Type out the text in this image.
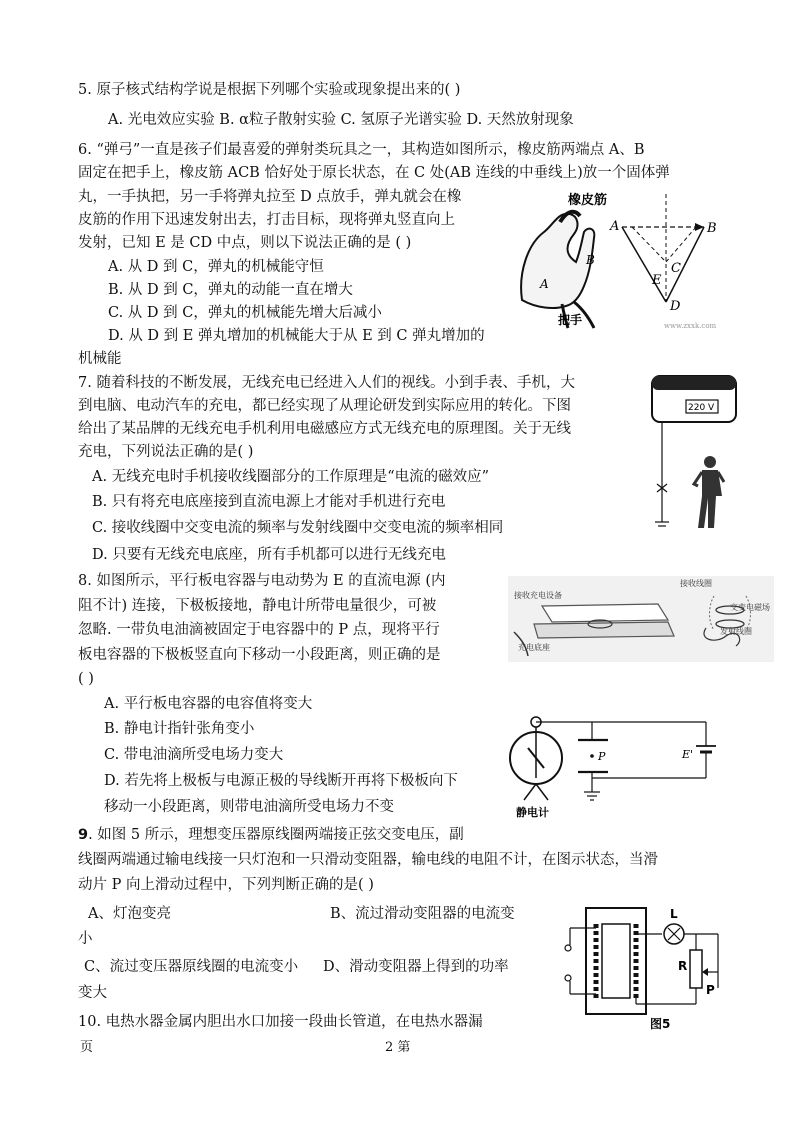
5. 原子核式结构学说是根据下列哪个实验或现象提出来的( )
A. 光电效应实验 B. α粒子散射实验 C. 氢原子光谱实验 D. 天然放射现象
6. “弹弓”一直是孩子们最喜爱的弹射类玩具之一，其构造如图所示，橡皮筋两端点 A、B
固定在把手上，橡皮筋 ACB 恰好处于原长状态，在 C 处(AB 连线的中垂线上)放一个固体弹
丸，一手执把，另一手将弹丸拉至 D 点放手，弹丸就会在橡
皮筋的作用下迅速发射出去，打击目标，现将弹丸竖直向上
发射，已知 E 是 CD 中点，则以下说法正确的是 ( )
A. 从 D 到 C，弹丸的机械能守恒
B. 从 D 到 C，弹丸的动能一直在增大
C. 从 D 到 C，弹丸的机械能先增大后减小
D. 从 D 到 E 弹丸增加的机械能大于从 E 到 C 弹丸增加的
机械能
橡皮筋
A
B
把手
A	B
C
E
D
www.zxxk.com
7. 随着科技的不断发展，无线充电已经进入人们的视线。小到手表、手机，大
到电脑、电动汽车的充电，都已经实现了从理论研发到实际应用的转化。下图
给出了某品牌的无线充电手机利用电磁感应方式无线充电的原理图。关于无线
充电，下列说法正确的是( )
A. 无线充电时手机接收线圈部分的工作原理是“电流的磁效应”
B. 只有将充电底座接到直流电源上才能对手机进行充电
C. 接收线圈中交变电流的频率与发射线圈中交变电流的频率相同
D. 只要有无线充电底座，所有手机都可以进行无线充电
220 V
8. 如图所示，平行板电容器与电动势为 E 的直流电源 (内
阻不计) 连接，下极板接地，静电计所带电量很少，可被
忽略. 一带负电油滴被固定于电容器中的 P 点，现将平行
板电容器的下极板竖直向下移动一小段距离，则正确的是
( )
A. 平行板电容器的电容值将变大
B. 静电计指针张角变小
C. 带电油滴所受电场力变大
D. 若先将上极板与电源正极的导线断开再将下极板向下
移动一小段距离，则带电油滴所受电场力不变
接收充电设备
充电底座
接收线圈
交变电磁场
发射线圈
静电计
P	E'
9. 如图 5 所示，理想变压器原线圈两端接正弦交变电压，副
线圈两端通过输电线接一只灯泡和一只滑动变阻器，输电线的电阻不计，在图示状态，当滑
动片 P 向上滑动过程中，下列判断正确的是( )
A、灯泡变亮	B、流过滑动变阻器的电流变
小
C、流过变压器原线圈的电流变小 D、滑动变阻器上得到的功率
变大
L
R
P
图5
10. 电热水器金属内胆出水口加接一段曲长管道，在电热水器漏
页	2 第
